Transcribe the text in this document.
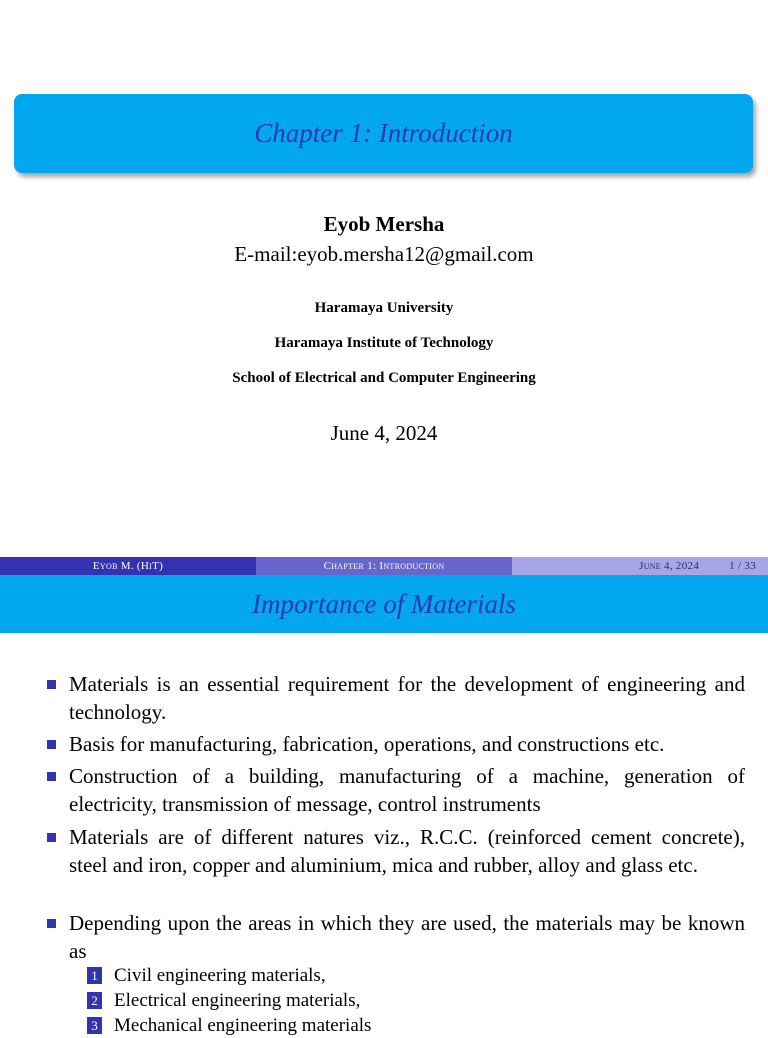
Chapter 1: Introduction
Eyob Mersha
E-mail:eyob.mersha12@gmail.com
Haramaya University
Haramaya Institute of Technology
School of Electrical and Computer Engineering
June 4, 2024
Eyob M. (HiT)	Chapter 1: Introduction	June 4, 2024	1 / 33
Importance of Materials
Materials is an essential requirement for the development of engineering and technology.
Basis for manufacturing, fabrication, operations, and constructions etc.
Construction of a building, manufacturing of a machine, generation of electricity, transmission of message, control instruments
Materials are of different natures viz., R.C.C. (reinforced cement concrete), steel and iron, copper and aluminium, mica and rubber, alloy and glass etc.
Depending upon the areas in which they are used, the materials may be known as
1 Civil engineering materials,
2 Electrical engineering materials,
3 Mechanical engineering materials
